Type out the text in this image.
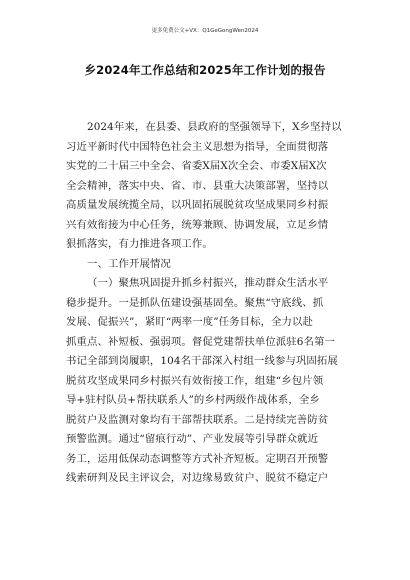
更多免费公文+VX：Q1GeGongWen2024
乡2024年工作总结和2025年工作计划的报告
2024年来，在县委、县政府的坚强领导下，X乡坚持以
习近平新时代中国特色社会主义思想为指导，全面贯彻落
实党的二十届三中全会、省委X届X次全会、市委X届X次
全会精神，落实中央、省、市、县重大决策部署，坚持以
高质量发展统揽全局，以巩固拓展脱贫攻坚成果同乡村振
兴有效衔接为中心任务，统筹兼顾、协调发展，立足乡情
狠抓落实，有力推进各项工作。
一、工作开展情况
（一）聚焦巩固提升抓乡村振兴，推动群众生活水平
稳步提升。一是抓队伍建设强基固垒。聚焦“守底线、抓
发展、促振兴”，紧盯“两率一度”任务目标，全力以赴
抓重点、补短板、强弱项。督促党建帮扶单位派驻6名第一
书记全部到岗履职，104名干部深入村组一线参与巩固拓展
脱贫攻坚成果同乡村振兴有效衔接工作，组建“乡包片领
导+驻村队员+帮扶联系人”的乡村两级作战体系，全乡
脱贫户及监测对象均有干部帮扶联系。二是持续完善防贫
预警监测。通过“留痕行动”、产业发展等引导群众就近
务工，运用低保动态调整等方式补齐短板。定期召开预警
线索研判及民主评议会，对边缘易致贫户、脱贫不稳定户
